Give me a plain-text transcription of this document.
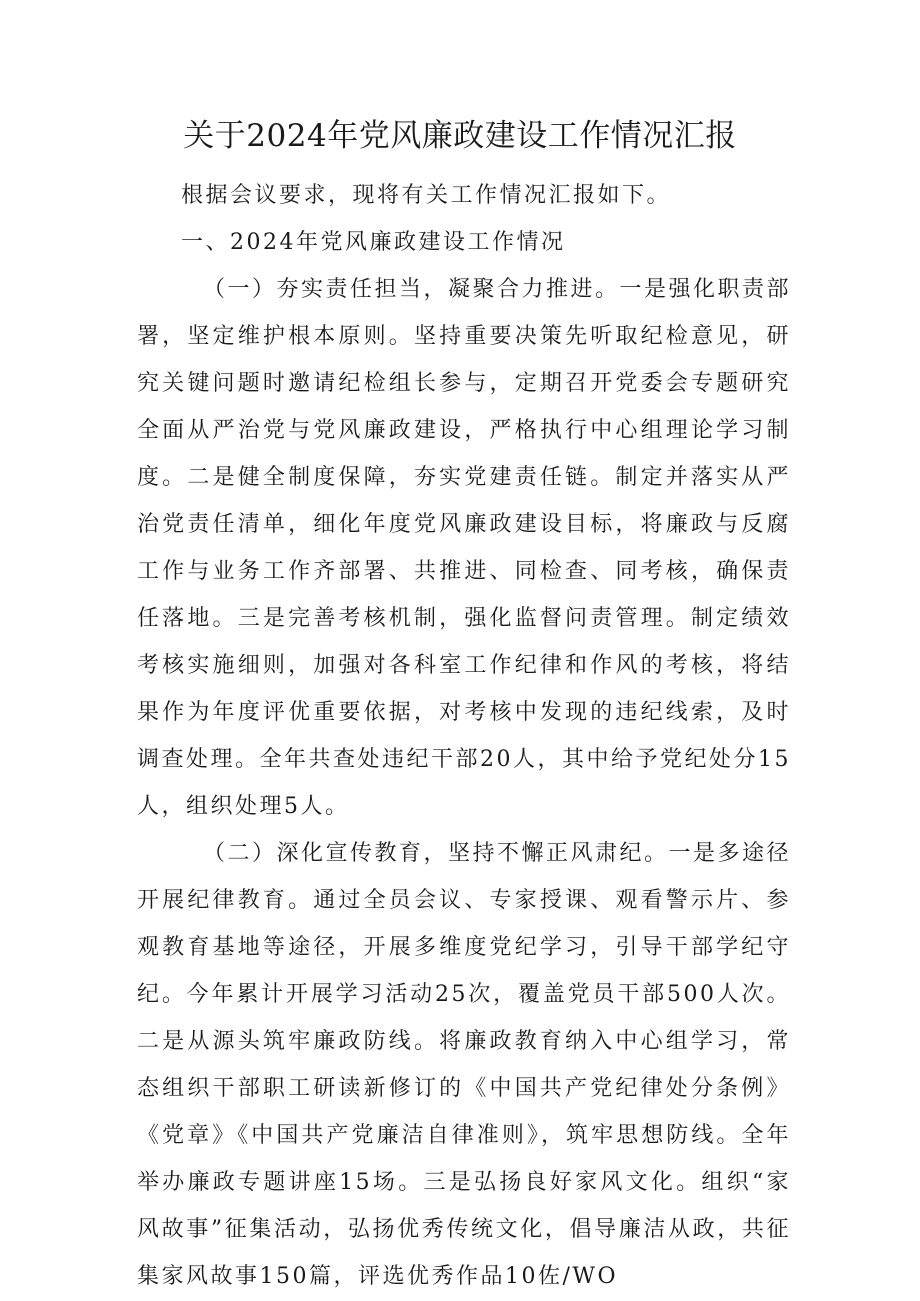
关于2024年党风廉政建设工作情况汇报

根据会议要求，现将有关工作情况汇报如下。

一、2024年党风廉政建设工作情况

（一）夯实责任担当，凝聚合力推进。一是强化职责部署，坚定维护根本原则。坚持重要决策先听取纪检意见，研究关键问题时邀请纪检组长参与，定期召开党委会专题研究全面从严治党与党风廉政建设，严格执行中心组理论学习制度。二是健全制度保障，夯实党建责任链。制定并落实从严治党责任清单，细化年度党风廉政建设目标，将廉政与反腐工作与业务工作齐部署、共推进、同检查、同考核，确保责任落地。三是完善考核机制，强化监督问责管理。制定绩效考核实施细则，加强对各科室工作纪律和作风的考核，将结果作为年度评优重要依据，对考核中发现的违纪线索，及时调查处理。全年共查处违纪干部20人，其中给予党纪处分15人，组织处理5人。

（二）深化宣传教育，坚持不懈正风肃纪。一是多途径开展纪律教育。通过全员会议、专家授课、观看警示片、参观教育基地等途径，开展多维度党纪学习，引导干部学纪守纪。今年累计开展学习活动25次，覆盖党员干部500人次。二是从源头筑牢廉政防线。将廉政教育纳入中心组学习，常态组织干部职工研读新修订的《中国共产党纪律处分条例》《党章》《中国共产党廉洁自律准则》，筑牢思想防线。全年举办廉政专题讲座15场。三是弘扬良好家风文化。组织“家风故事”征集活动，弘扬优秀传统文化，倡导廉洁从政，共征集家风故事150篇，评选优秀作品10佐/WO
